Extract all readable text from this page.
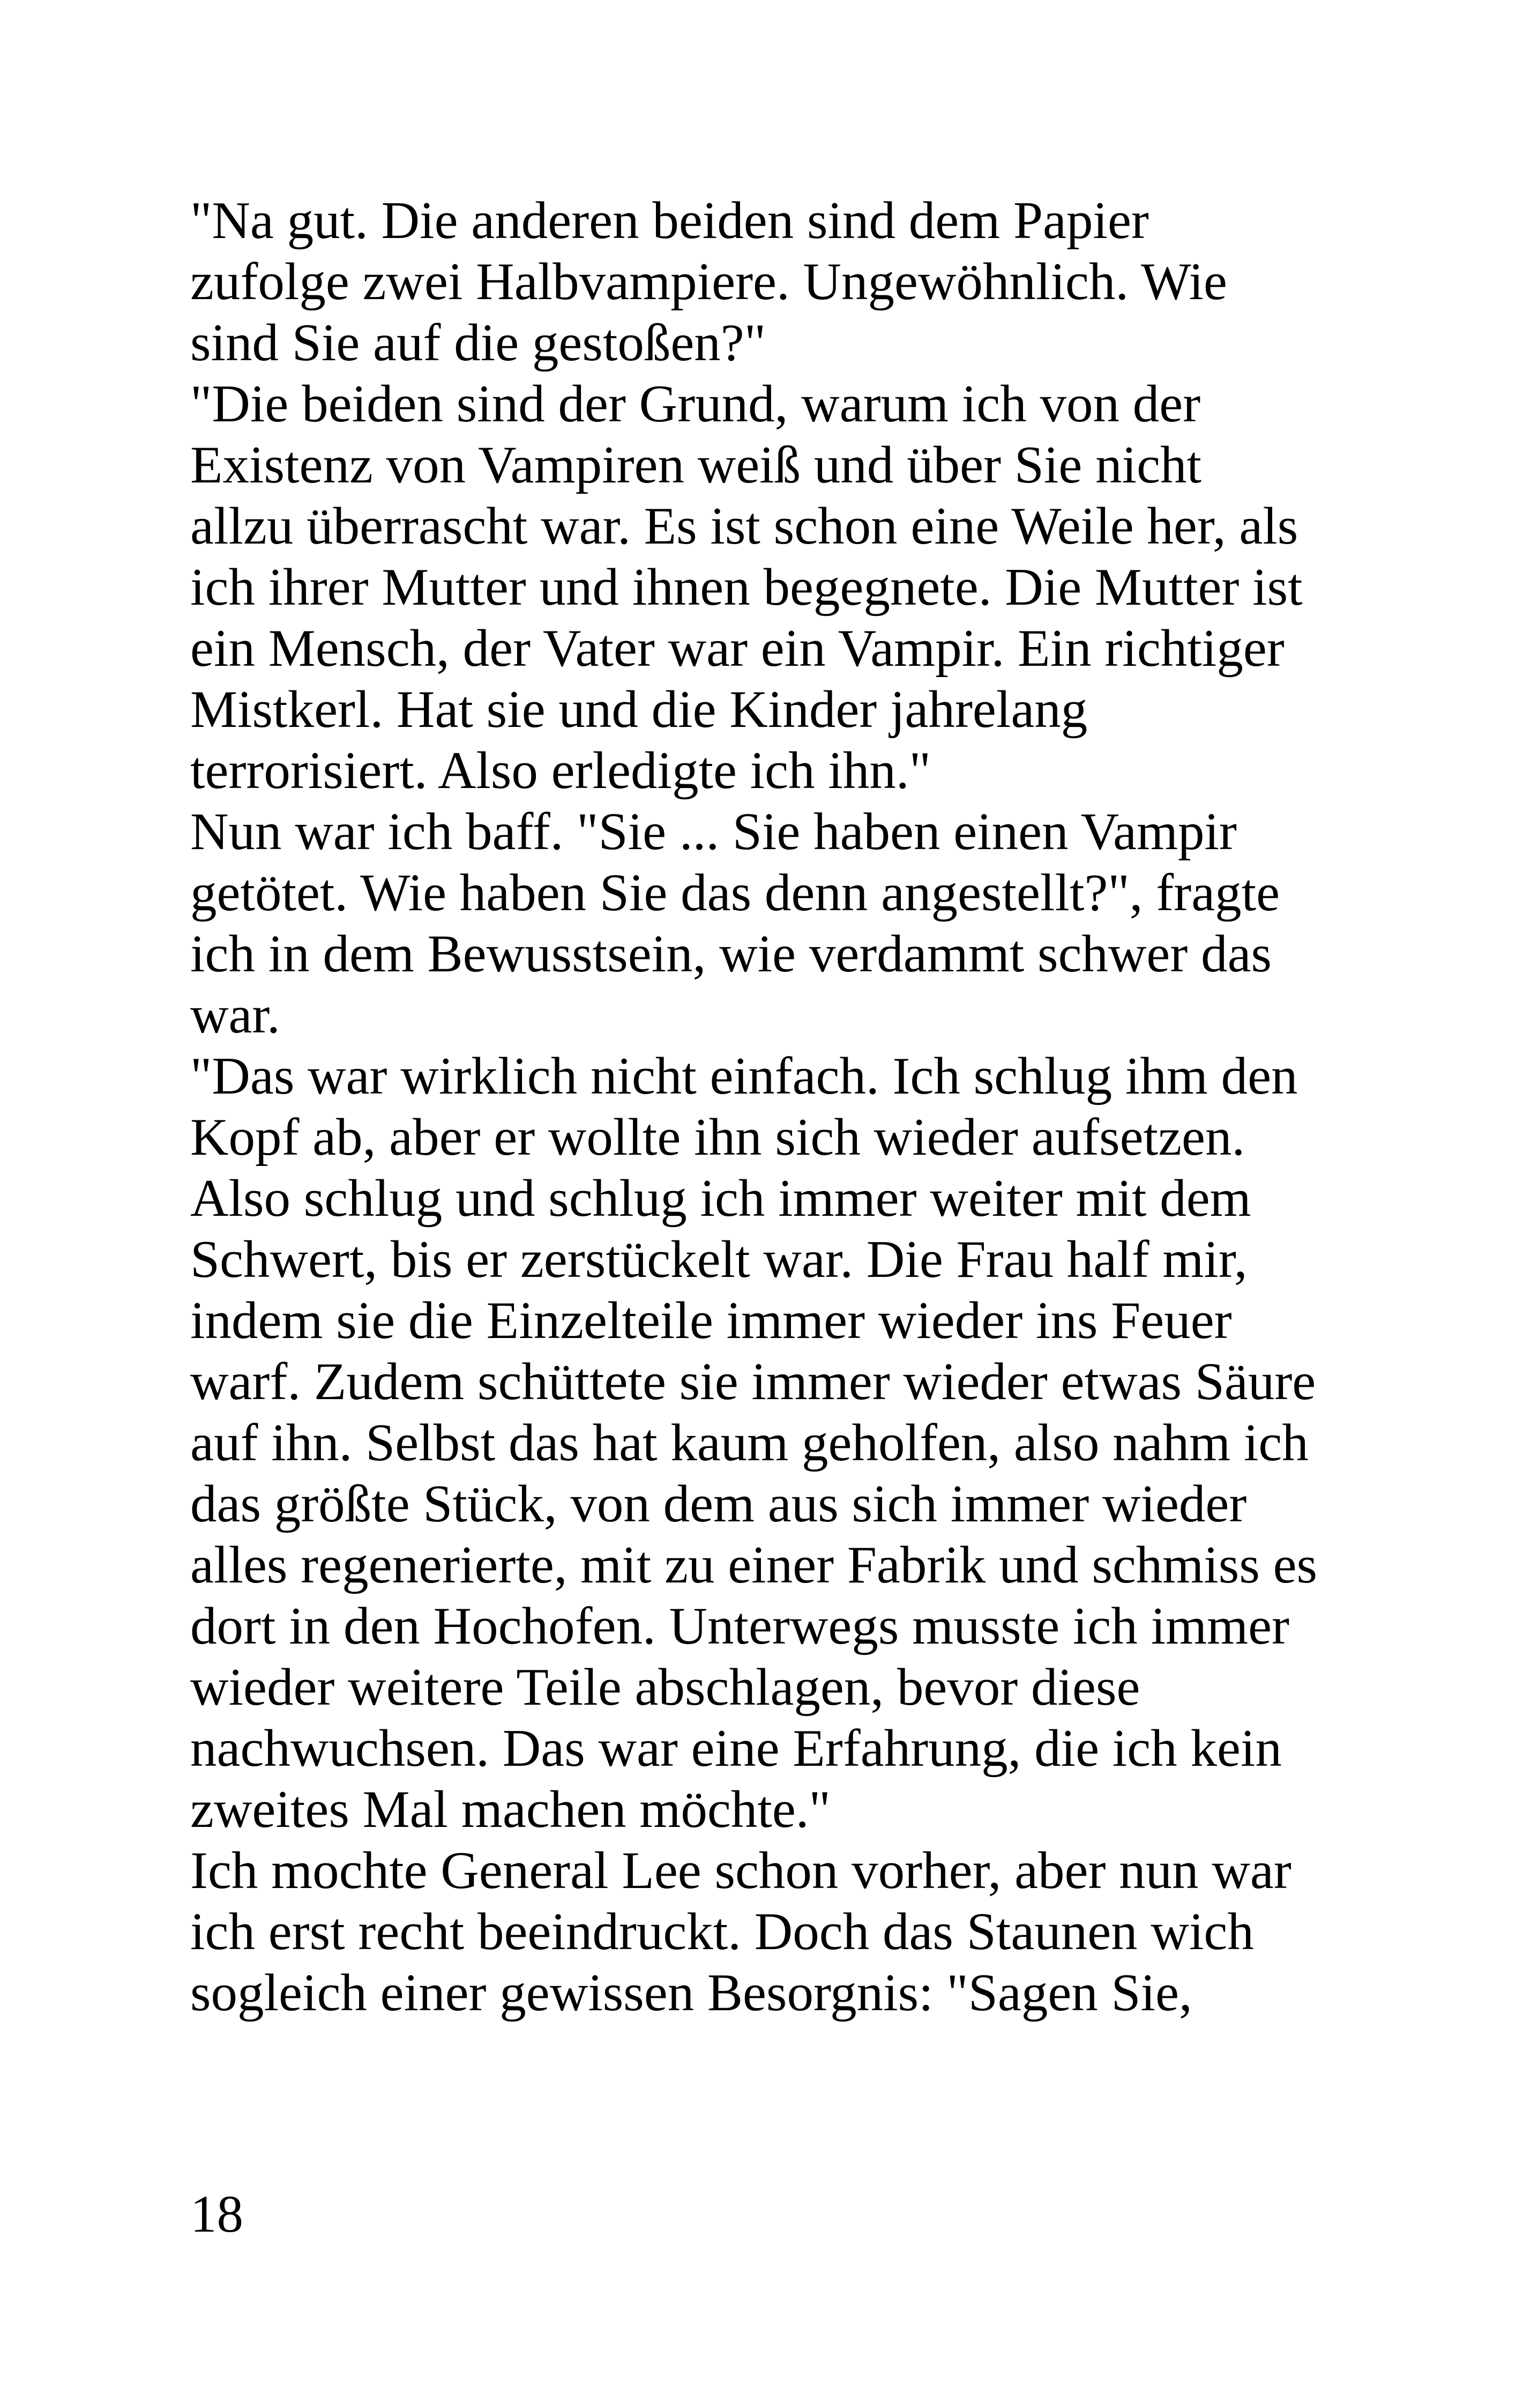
"Na gut. Die anderen beiden sind dem Papier
zufolge zwei Halbvampiere. Ungewöhnlich. Wie
sind Sie auf die gestoßen?"
"Die beiden sind der Grund, warum ich von der
Existenz von Vampiren weiß und über Sie nicht
allzu überrascht war. Es ist schon eine Weile her, als
ich ihrer Mutter und ihnen begegnete. Die Mutter ist
ein Mensch, der Vater war ein Vampir. Ein richtiger
Mistkerl. Hat sie und die Kinder jahrelang
terrorisiert. Also erledigte ich ihn."
Nun war ich baff. "Sie ... Sie haben einen Vampir
getötet. Wie haben Sie das denn angestellt?", fragte
ich in dem Bewusstsein, wie verdammt schwer das
war.
"Das war wirklich nicht einfach. Ich schlug ihm den
Kopf ab, aber er wollte ihn sich wieder aufsetzen.
Also schlug und schlug ich immer weiter mit dem
Schwert, bis er zerstückelt war. Die Frau half mir,
indem sie die Einzelteile immer wieder ins Feuer
warf. Zudem schüttete sie immer wieder etwas Säure
auf ihn. Selbst das hat kaum geholfen, also nahm ich
das größte Stück, von dem aus sich immer wieder
alles regenerierte, mit zu einer Fabrik und schmiss es
dort in den Hochofen. Unterwegs musste ich immer
wieder weitere Teile abschlagen, bevor diese
nachwuchsen. Das war eine Erfahrung, die ich kein
zweites Mal machen möchte."
Ich mochte General Lee schon vorher, aber nun war
ich erst recht beeindruckt. Doch das Staunen wich
sogleich einer gewissen Besorgnis: "Sagen Sie,
18
